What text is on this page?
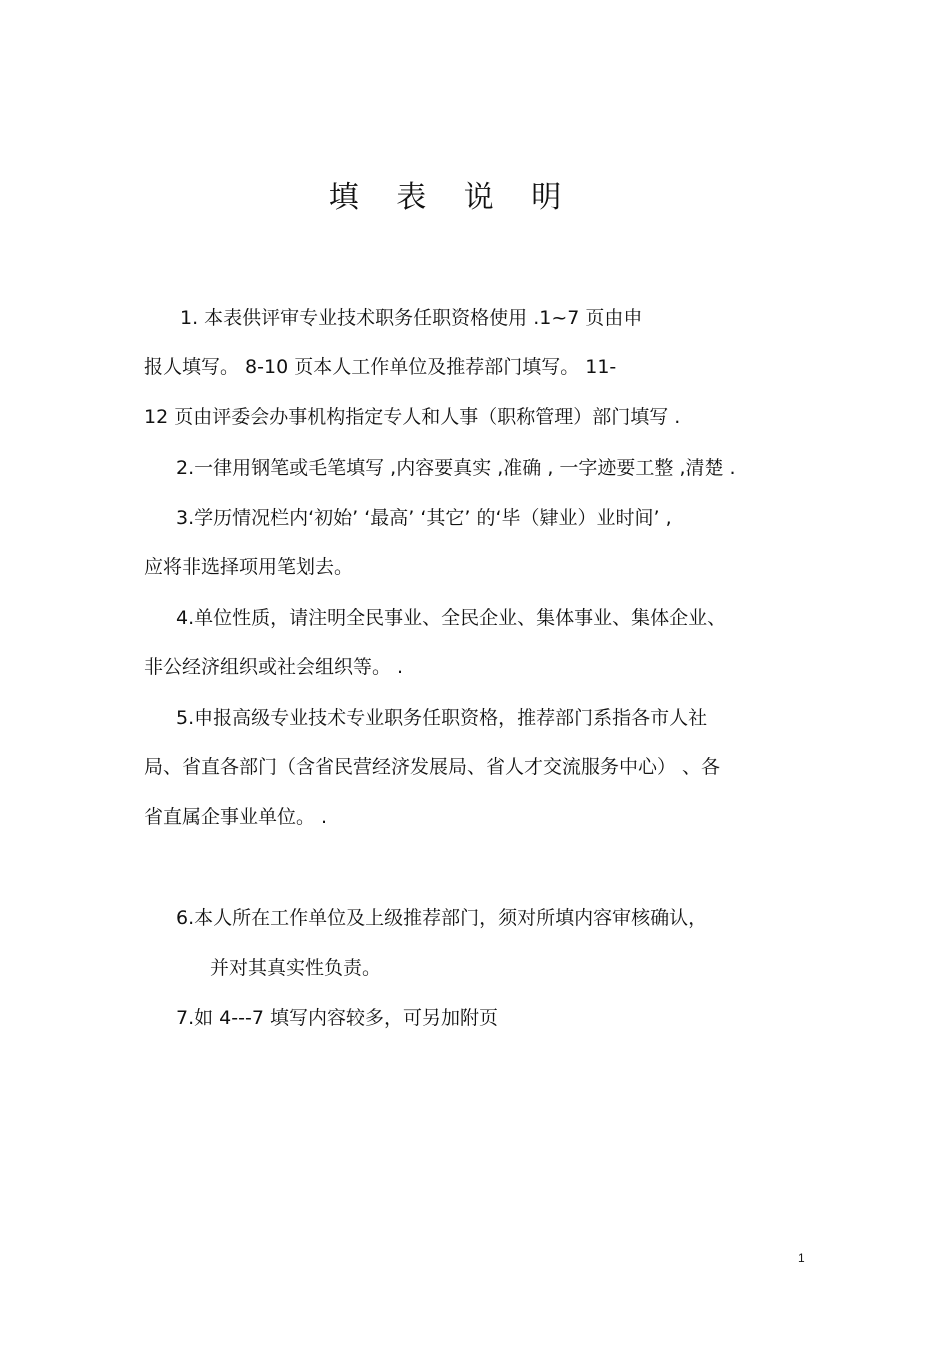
填 表 说 明
1. 本表供评审专业技术职务任职资格使用 .1~7 页由申
报人填写。 8-10 页本人工作单位及推荐部门填写。 11-
12 页由评委会办事机构指定专人和人事（职称管理）部门填写 .
2.一律用钢笔或毛笔填写 ,内容要真实 ,准确 , 一字迹要工整 ,清楚 .
3.学历情况栏内‘初始’ ‘最高’ ‘其它’ 的‘毕（肄业）业时间’ ,
应将非选择项用笔划去。
4.单位性质，请注明全民事业、全民企业、集体事业、集体企业、
非公经济组织或社会组织等。 .
5.申报高级专业技术专业职务任职资格，推荐部门系指各市人社
局、省直各部门（含省民营经济发展局、省人才交流服务中心） 、各
省直属企事业单位。 .
6.本人所在工作单位及上级推荐部门，须对所填内容审核确认，
并对其真实性负责。
7.如 4---7 填写内容较多，可另加附页
1
